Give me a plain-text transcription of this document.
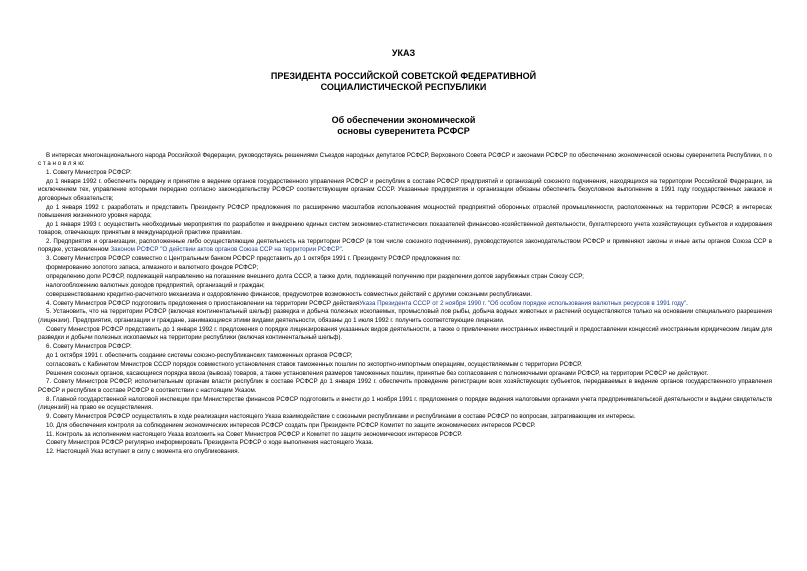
УКАЗ
ПРЕЗИДЕНТА РОССИЙСКОЙ СОВЕТСКОЙ ФЕДЕРАТИВНОЙ
СОЦИАЛИСТИЧЕСКОЙ РЕСПУБЛИКИ
Об обеспечении экономической
основы суверенитета РСФСР

В интересах многонационального народа Российской Федерации, руководствуясь решениями Съездов народных депутатов РСФСР, Верховного Совета РСФСР и законами РСФСР по обеспечению экономической основы суверенитета Республики, п о с т а н о в л я ю:

1. Совету Министров РСФСР:

до 1 января 1992 г. обеспечить передачу и принятие в ведение органов государственного управления РСФСР и республик в составе РСФСР предприятий и организаций союзного подчинения, находящихся на территории Российской Федерации, за исключением тех, управление которыми передано согласно законодательству РСФСР соответствующим органам СССР. Указанные предприятия и организации обязаны обеспечить безусловное выполнение в 1991 году государственных заказов и договорных обязательств;

до 1 января 1992 г. разработать и представить Президенту РСФСР предложения по расширению масштабов использования мощностей предприятий оборонных отраслей промышленности, расположенных на территории РСФСР, в интересах повышения жизненного уровня народа;

до 1 января 1993 г. осуществить необходимые мероприятия по разработке и внедрению единых систем экономико-статистических показателей финансово-хозяйственной деятельности, бухгалтерского учета хозяйствующих субъектов и кодирования товаров, отвечающих принятым в международной практике правилам.

2. Предприятия и организации, расположенные либо осуществляющие деятельность на территории РСФСР (в том числе союзного подчинения), руководствуются законодательством РСФСР и применяют законы и иные акты органов Союза ССР в порядке, установленном Законом РСФСР "О действии актов органов Союза ССР на территории РСФСР".

3. Совету Министров РСФСР совместно с Центральным банком РСФСР представить до 1 октября 1991 г. Президенту РСФСР предложения по:

формированию золотого запаса, алмазного и валютного фондов РСФСР;

определению доли РСФСР, подлежащей направлению на погашение внешнего долга СССР, а также доли, подлежащей получению при разделении долгов зарубежных стран Союзу ССР;

налогообложению валютных доходов предприятий, организаций и граждан;

совершенствованию кредитно-расчетного механизма и оздоровлению финансов, предусмотрев возможность совместных действий с другими союзными республиками.

4. Совету Министров РСФСР подготовить предложения о приостановлении на территории РСФСР действияУказа Президента СССР от 2 ноября 1990 г. "Об особом порядке использования валютных ресурсов в 1991 году".

5. Установить, что на территории РСФСР (включая континентальный шельф) разведка и добыча полезных ископаемых, промысловый лов рыбы, добыча водных животных и растений осуществляются только на основании специального разрешения (лицензии). Предприятия, организации и граждане, занимающиеся этими видами деятельности, обязаны до 1 июля 1992 г. получить соответствующие лицензии.

Совету Министров РСФСР представить до 1 января 1992 г. предложения о порядке лицензирования указанных видов деятельности, а также о привлечении иностранных инвестиций и предоставлении концессий иностранным юридическим лицам для разведки и добычи полезных ископаемых на территории республики (включая континентальный шельф).

6. Совету Министров РСФСР:

до 1 октября 1991 г. обеспечить создание системы союзно-республиканских таможенных органов РСФСР;

согласовать с Кабинетом Министров СССР порядок совместного установления ставок таможенных пошлин по экспортно-импортным операциям, осуществляемым с территории РСФСР.

Решения союзных органов, касающиеся порядка ввоза (вывоза) товаров, а также установления размеров таможенных пошлин, принятые без согласования с полномочными органами РСФСР, на территории РСФСР не действуют.

7. Совету Министров РСФСР, исполнительным органам власти республик в составе РСФСР до 1 января 1992 г. обеспечить проведение регистрации всех хозяйствующих субъектов, передаваемых в ведение органов государственного управления РСФСР и республик в составе РСФСР в соответствии с настоящим Указом.

8. Главной государственной налоговой инспекции при Министерстве финансов РСФСР подготовить и внести до 1 ноября 1991 г. предложения о порядке ведения налоговыми органами учета предпринимательской деятельности и выдачи свидетельств (лицензий) на право ее осуществления.

9. Совету Министров РСФСР осуществлять в ходе реализации настоящего Указа взаимодействие с союзными республиками и республиками в составе РСФСР по вопросам, затрагивающим их интересы.

10. Для обеспечения контроля за соблюдением экономических интересов РСФСР создать при Президенте РСФСР Комитет по защите экономических интересов РСФСР.

11. Контроль за исполнением настоящего Указа возложить на Совет Министров РСФСР и Комитет по защите экономических интересов РСФСР.

Совету Министров РСФСР регулярно информировать Президента РСФСР о ходе выполнения настоящего Указа.

12. Настоящий Указ вступает в силу с момента его опубликования.
